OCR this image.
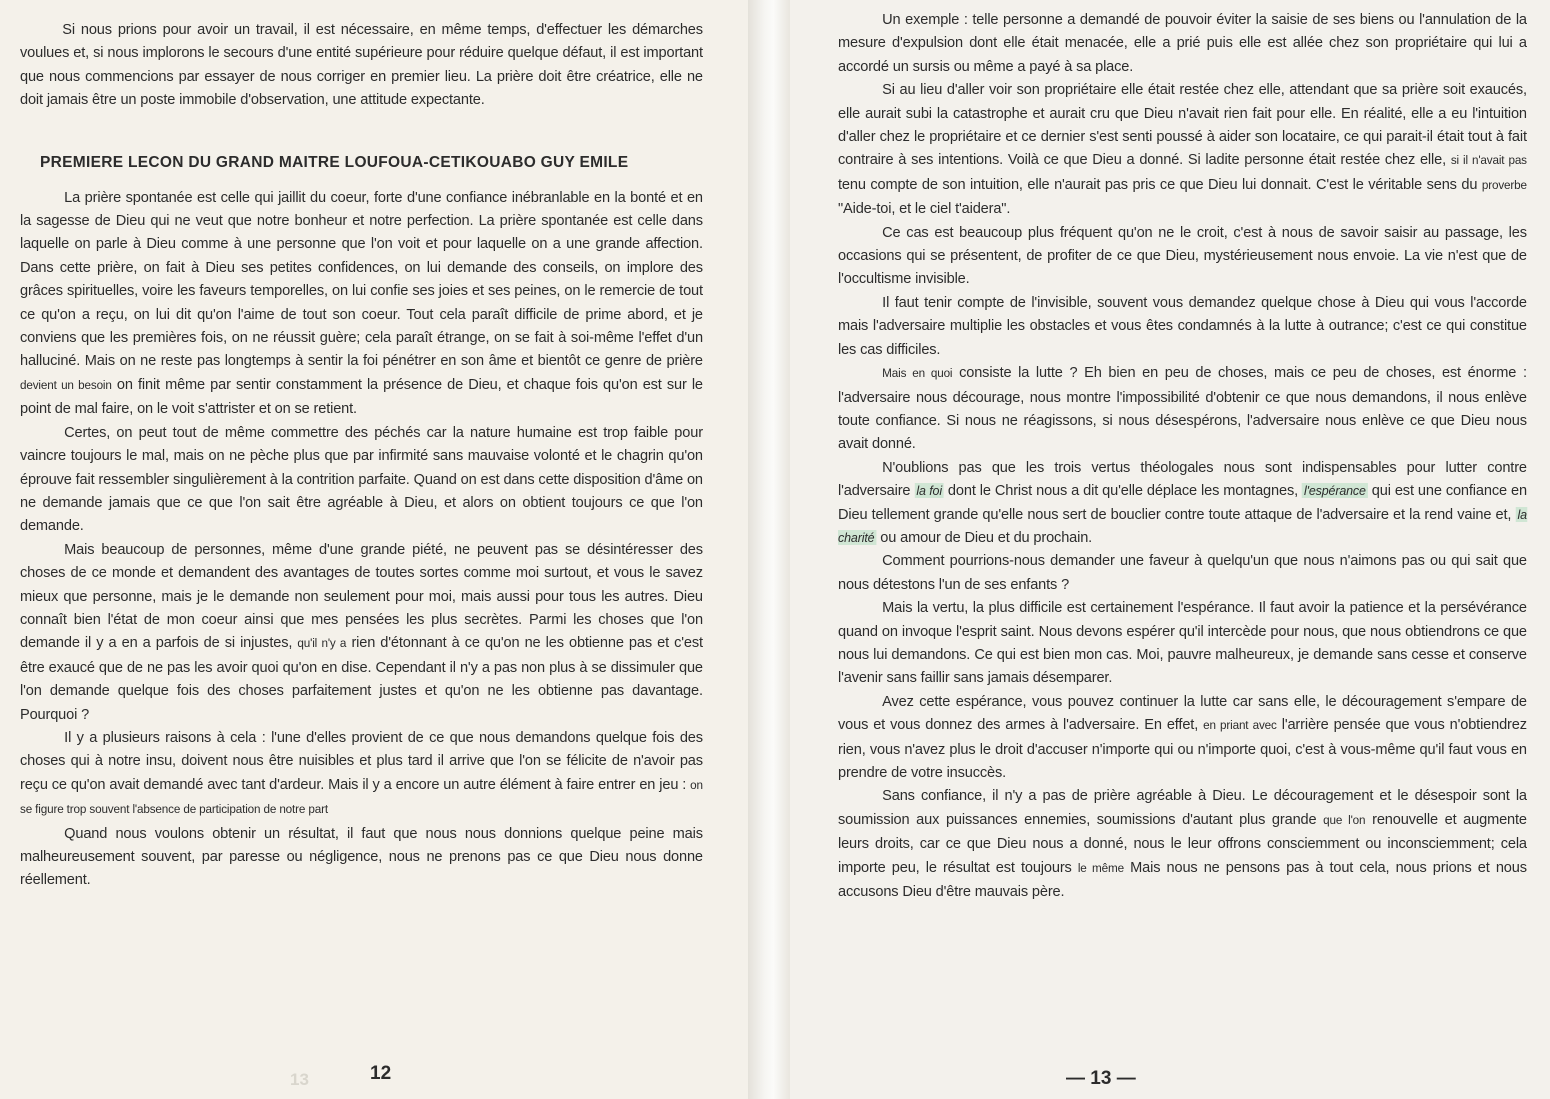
Si nous prions pour avoir un travail, il est nécessaire, en même temps, d'effectuer les démarches voulues et, si nous implorons le secours d'une entité supérieure pour réduire quelque défaut, il est important que nous commencions par essayer de nous corriger en premier lieu. La prière doit être créatrice, elle ne doit jamais être un poste immobile d'observation, une attitude expectante.

PREMIERE LECON DU GRAND MAITRE LOUFOUA-CETIKOUABO GUY EMILE

La prière spontanée est celle qui jaillit du coeur, forte d'une confiance inébranlable en la bonté et en la sagesse de Dieu qui ne veut que notre bonheur et notre perfection. La prière spontanée est celle dans laquelle on parle à Dieu comme à une personne que l'on voit et pour laquelle on a une grande affection. Dans cette prière, on fait à Dieu ses petites confidences, on lui demande des conseils, on implore des grâces spirituelles, voire les faveurs temporelles, on lui confie ses joies et ses peines, on le remercie de tout ce qu'on a reçu, on lui dit qu'on l'aime de tout son coeur. Tout cela paraît difficile de prime abord, et je conviens que les premières fois, on ne réussit guère; cela paraît étrange, on se fait à soi-même l'effet d'un halluciné. Mais on ne reste pas longtemps à sentir la foi pénétrer en son âme et bientôt ce genre de prière devient un besoin on finit même par sentir constamment la présence de Dieu, et chaque fois qu'on est sur le point de mal faire, on le voit s'attrister et on se retient.

Certes, on peut tout de même commettre des péchés car la nature humaine est trop faible pour vaincre toujours le mal, mais on ne pèche plus que par infirmité sans mauvaise volonté et le chagrin qu'on éprouve fait ressembler singulièrement à la contrition parfaite. Quand on est dans cette disposition d'âme on ne demande jamais que ce que l'on sait être agréable à Dieu, et alors on obtient toujours ce que l'on demande.

Mais beaucoup de personnes, même d'une grande piété, ne peuvent pas se désintéresser des choses de ce monde et demandent des avantages de toutes sortes comme moi surtout, et vous le savez mieux que personne, mais je le demande non seulement pour moi, mais aussi pour tous les autres. Dieu connaît bien l'état de mon coeur ainsi que mes pensées les plus secrètes. Parmi les choses que l'on demande il y a en a parfois de si injustes, qu'il n'y a rien d'étonnant à ce qu'on ne les obtienne pas et c'est être exaucé que de ne pas les avoir quoi qu'on en dise. Cependant il n'y a pas non plus à se dissimuler que l'on demande quelque fois des choses parfaitement justes et qu'on ne les obtienne pas davantage. Pourquoi ?

Il y a plusieurs raisons à cela : l'une d'elles provient de ce que nous demandons quelque fois des choses qui à notre insu, doivent nous être nuisibles et plus tard il arrive que l'on se félicite de n'avoir pas reçu ce qu'on avait demandé avec tant d'ardeur. Mais il y a encore un autre élément à faire entrer en jeu : on se figure trop souvent l'absence de participation de notre part

Quand nous voulons obtenir un résultat, il faut que nous nous donnions quelque peine mais malheureusement souvent, par paresse ou négligence, nous ne prenons pas ce que Dieu nous donne réellement.

13	12

Un exemple : telle personne a demandé de pouvoir éviter la saisie de ses biens ou l'annulation de la mesure d'expulsion dont elle était menacée, elle a prié puis elle est allée chez son propriétaire qui lui a accordé un sursis ou même a payé à sa place.

Si au lieu d'aller voir son propriétaire elle était restée chez elle, attendant que sa prière soit exaucés, elle aurait subi la catastrophe et aurait cru que Dieu n'avait rien fait pour elle. En réalité, elle a eu l'intuition d'aller chez le propriétaire et ce dernier s'est senti poussé à aider son locataire, ce qui parait-il était tout à fait contraire à ses intentions. Voilà ce que Dieu a donné. Si ladite personne était restée chez elle, si il n'avait pas tenu compte de son intuition, elle n'aurait pas pris ce que Dieu lui donnait. C'est le véritable sens du proverbe "Aide-toi, et le ciel t'aidera".

Ce cas est beaucoup plus fréquent qu'on ne le croit, c'est à nous de savoir saisir au passage, les occasions qui se présentent, de profiter de ce que Dieu, mystérieusement nous envoie. La vie n'est que de l'occultisme invisible.

Il faut tenir compte de l'invisible, souvent vous demandez quelque chose à Dieu qui vous l'accorde mais l'adversaire multiplie les obstacles et vous êtes condamnés à la lutte à outrance; c'est ce qui constitue les cas difficiles.

Mais en quoi consiste la lutte ? Eh bien en peu de choses, mais ce peu de choses, est énorme : l'adversaire nous décourage, nous montre l'impossibilité d'obtenir ce que nous demandons, il nous enlève toute confiance. Si nous ne réagissons, si nous désespérons, l'adversaire nous enlève ce que Dieu nous avait donné.

N'oublions pas que les trois vertus théologales nous sont indispensables pour lutter contre l'adversaire la foi dont le Christ nous a dit qu'elle déplace les montagnes, l'espérance qui est une confiance en Dieu tellement grande qu'elle nous sert de bouclier contre toute attaque de l'adversaire et la rend vaine et, la charité ou amour de Dieu et du prochain.

Comment pourrions-nous demander une faveur à quelqu'un que nous n'aimons pas ou qui sait que nous détestons l'un de ses enfants ?

Mais la vertu, la plus difficile est certainement l'espérance. Il faut avoir la patience et la persévérance quand on invoque l'esprit saint. Nous devons espérer qu'il intercède pour nous, que nous obtiendrons ce que nous lui demandons. Ce qui est bien mon cas. Moi, pauvre malheureux, je demande sans cesse et conserve l'avenir sans faillir sans jamais désemparer.

Avez cette espérance, vous pouvez continuer la lutte car sans elle, le découragement s'empare de vous et vous donnez des armes à l'adversaire. En effet, en priant avec l'arrière pensée que vous n'obtiendrez rien, vous n'avez plus le droit d'accuser n'importe qui ou n'importe quoi, c'est à vous-même qu'il faut vous en prendre de votre insuccès.

Sans confiance, il n'y a pas de prière agréable à Dieu. Le découragement et le désespoir sont la soumission aux puissances ennemies, soumissions d'autant plus grande que l'on renouvelle et augmente leurs droits, car ce que Dieu nous a donné, nous le leur offrons consciemment ou inconsciemment; cela importe peu, le résultat est toujours le même Mais nous ne pensons pas à tout cela, nous prions et nous accusons Dieu d'être mauvais père.

— 13 —
